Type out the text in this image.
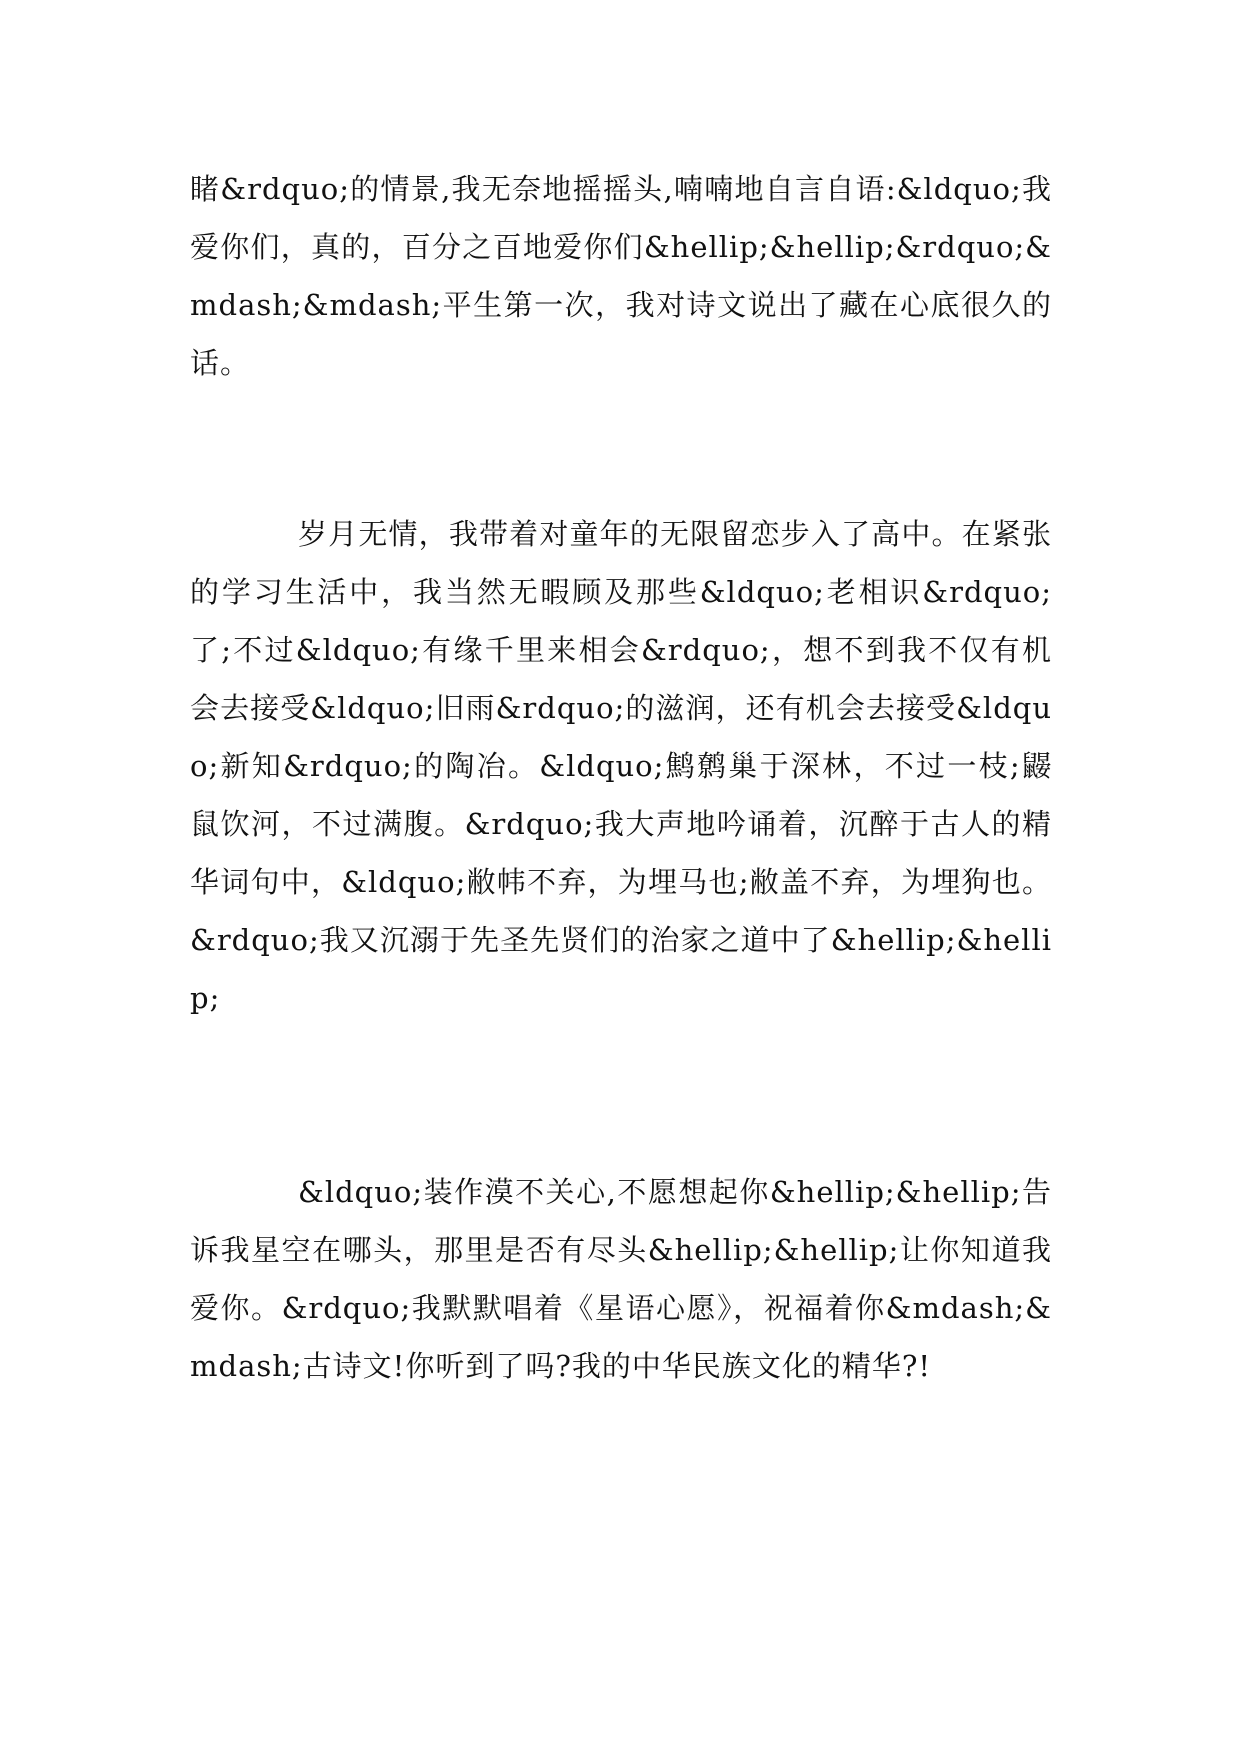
睹&rdquo;的情景,我无奈地摇摇头,喃喃地自言自语:&ldquo;我爱你们，真的，百分之百地爱你们&hellip;&hellip;&rdquo;&mdash;&mdash;平生第一次，我对诗文说出了藏在心底很久的话。

岁月无情，我带着对童年的无限留恋步入了高中。在紧张的学习生活中，我当然无暇顾及那些&ldquo;老相识&rdquo;了;不过&ldquo;有缘千里来相会&rdquo;，想不到我不仅有机会去接受&ldquo;旧雨&rdquo;的滋润，还有机会去接受&ldquo;新知&rdquo;的陶冶。&ldquo;鹪鹩巢于深林，不过一枝;鼹鼠饮河，不过满腹。&rdquo;我大声地吟诵着，沉醉于古人的精华词句中，&ldquo;敝帏不弃，为埋马也;敝盖不弃，为埋狗也。&rdquo;我又沉溺于先圣先贤们的治家之道中了&hellip;&hellip;

&ldquo;装作漠不关心,不愿想起你&hellip;&hellip;告诉我星空在哪头，那里是否有尽头&hellip;&hellip;让你知道我爱你。&rdquo;我默默唱着《星语心愿》，祝福着你&mdash;&mdash;古诗文!你听到了吗?我的中华民族文化的精华?!
